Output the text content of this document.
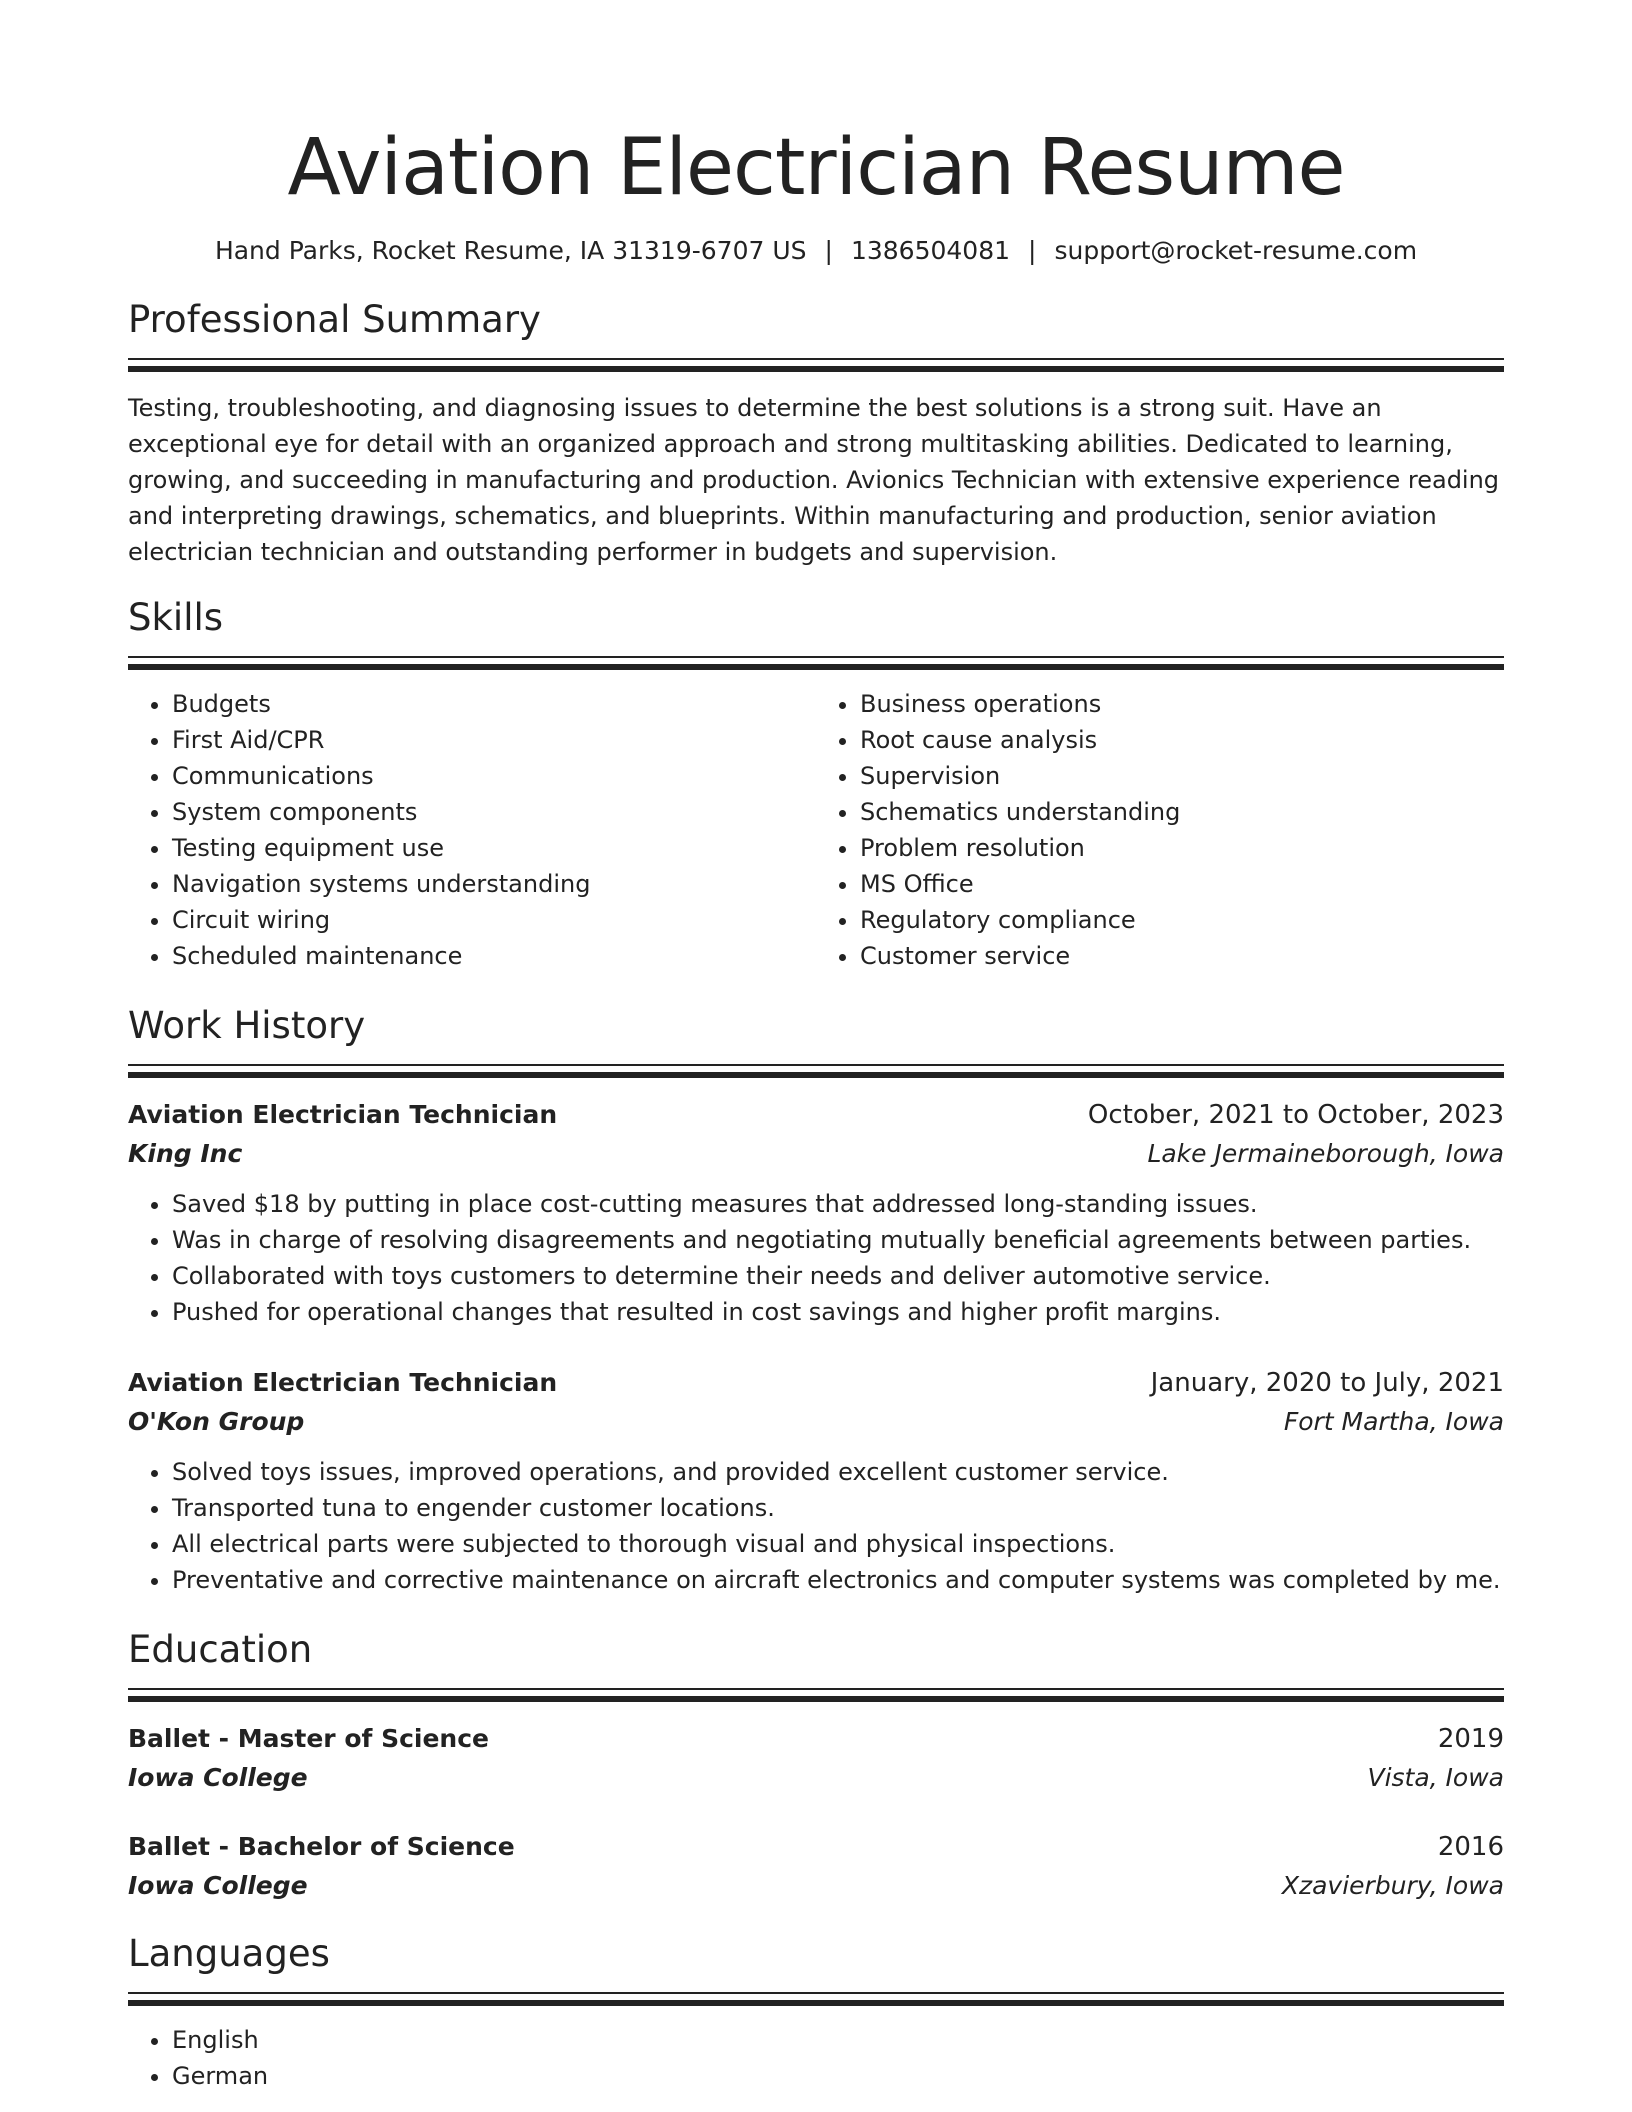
Aviation Electrician Resume
Hand Parks, Rocket Resume, IA 31319-6707 US | 1386504081 | support@rocket-resume.com
Professional Summary

Testing, troubleshooting, and diagnosing issues to determine the best solutions is a strong suit. Have an exceptional eye for detail with an organized approach and strong multitasking abilities. Dedicated to learning, growing, and succeeding in manufacturing and production. Avionics Technician with extensive experience reading and interpreting drawings, schematics, and blueprints. Within manufacturing and production, senior aviation electrician technician and outstanding performer in budgets and supervision.

Skills
• Budgets
• First Aid/CPR
• Communications
• System components
• Testing equipment use
• Navigation systems understanding
• Circuit wiring
• Scheduled maintenance
• Business operations
• Root cause analysis
• Supervision
• Schematics understanding
• Problem resolution
• MS Office
• Regulatory compliance
• Customer service
Work History
Aviation Electrician Technician	October, 2021 to October, 2023
King Inc	Lake Jermaineborough, Iowa
• Saved $18 by putting in place cost-cutting measures that addressed long-standing issues.
• Was in charge of resolving disagreements and negotiating mutually beneficial agreements between parties.
• Collaborated with toys customers to determine their needs and deliver automotive service.
• Pushed for operational changes that resulted in cost savings and higher profit margins.
Aviation Electrician Technician	January, 2020 to July, 2021
O'Kon Group	Fort Martha, Iowa
• Solved toys issues, improved operations, and provided excellent customer service.
• Transported tuna to engender customer locations.
• All electrical parts were subjected to thorough visual and physical inspections.
• Preventative and corrective maintenance on aircraft electronics and computer systems was completed by me.
Education
Ballet - Master of Science	2019
Iowa College	Vista, Iowa
Ballet - Bachelor of Science	2016
Iowa College	Xzavierbury, Iowa
Languages
• English
• German
